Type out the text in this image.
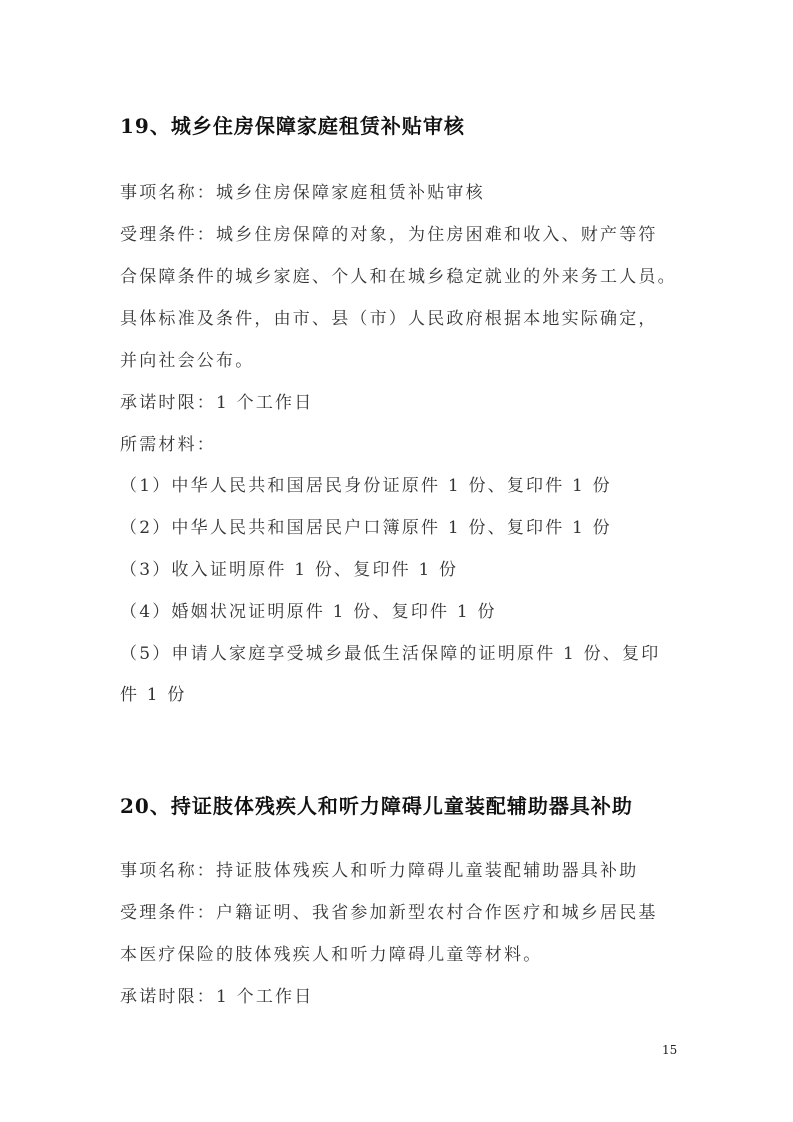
19、城乡住房保障家庭租赁补贴审核
事项名称：城乡住房保障家庭租赁补贴审核
受理条件：城乡住房保障的对象，为住房困难和收入、财产等符
合保障条件的城乡家庭、个人和在城乡稳定就业的外来务工人员。
具体标准及条件，由市、县（市）人民政府根据本地实际确定，
并向社会公布。
承诺时限：1 个工作日
所需材料：
（1）中华人民共和国居民身份证原件 1 份、复印件 1 份
（2）中华人民共和国居民户口簿原件 1 份、复印件 1 份
（3）收入证明原件 1 份、复印件 1 份
（4）婚姻状况证明原件 1 份、复印件 1 份
（5）申请人家庭享受城乡最低生活保障的证明原件 1 份、复印
件 1 份
20、持证肢体残疾人和听力障碍儿童装配辅助器具补助
事项名称：持证肢体残疾人和听力障碍儿童装配辅助器具补助
受理条件：户籍证明、我省参加新型农村合作医疗和城乡居民基
本医疗保险的肢体残疾人和听力障碍儿童等材料。
承诺时限：1 个工作日
15
